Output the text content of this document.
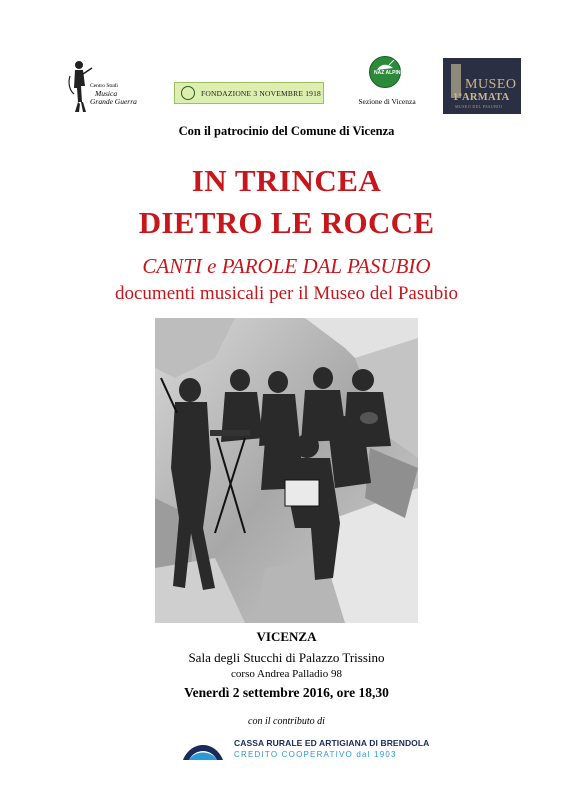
Centro Studi
Musica
Grande Guerra
FONDAZIONE 3 NOVEMBRE 1918
NAZ ALPINI
Sezione di Vicenza
MUSEO
1ªARMATA
MUSEO DEL PASUBIO
Con il patrocinio del Comune di Vicenza
IN TRINCEA
DIETRO LE ROCCE
CANTI e PAROLE DAL PASUBIO
documenti musicali per il Museo del Pasubio
VICENZA
Sala degli Stucchi di Palazzo Trissino
corso Andrea Palladio 98
Venerdì 2 settembre 2016, ore 18,30
con il contributo di
CASSA RURALE ED ARTIGIANA DI BRENDOLA
CREDITO COOPERATIVO dal 1903
